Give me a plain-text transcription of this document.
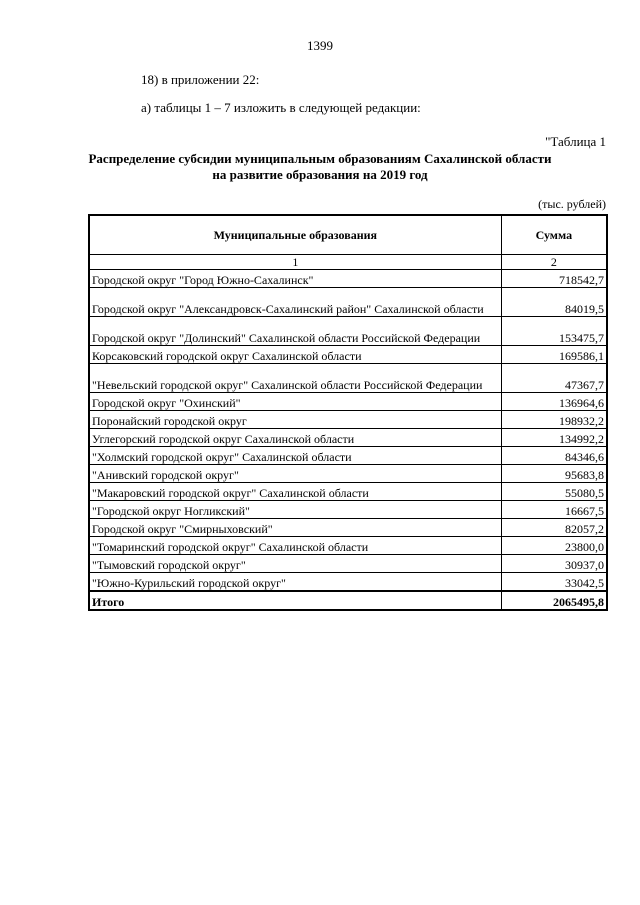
1399
18) в приложении 22:
а) таблицы 1 – 7 изложить в следующей редакции:
"Таблица 1
Распределение субсидии муниципальным образованиям Сахалинской области
на развитие образования на 2019 год
(тыс. рублей)
Муниципальные образования	Сумма
1	2
Городской округ "Город Южно-Сахалинск"	718542,7
Городской округ "Александровск-Сахалинский район" Сахалинской области	84019,5
Городской округ "Долинский" Сахалинской области Российской Федерации	153475,7
Корсаковский городской округ Сахалинской области	169586,1
"Невельский городской округ" Сахалинской области Российской Федерации	47367,7
Городской округ "Охинский"	136964,6
Поронайский городской округ	198932,2
Углегорский городской округ Сахалинской области	134992,2
"Холмский городской округ" Сахалинской области	84346,6
"Анивский городской округ"	95683,8
"Макаровский городской округ" Сахалинской области	55080,5
"Городской округ Ногликский"	16667,5
Городской округ "Смирныховский"	82057,2
"Томаринский городской округ" Сахалинской области	23800,0
"Тымовский городской округ"	30937,0
"Южно-Курильский городской округ"	33042,5
Итого	2065495,8
